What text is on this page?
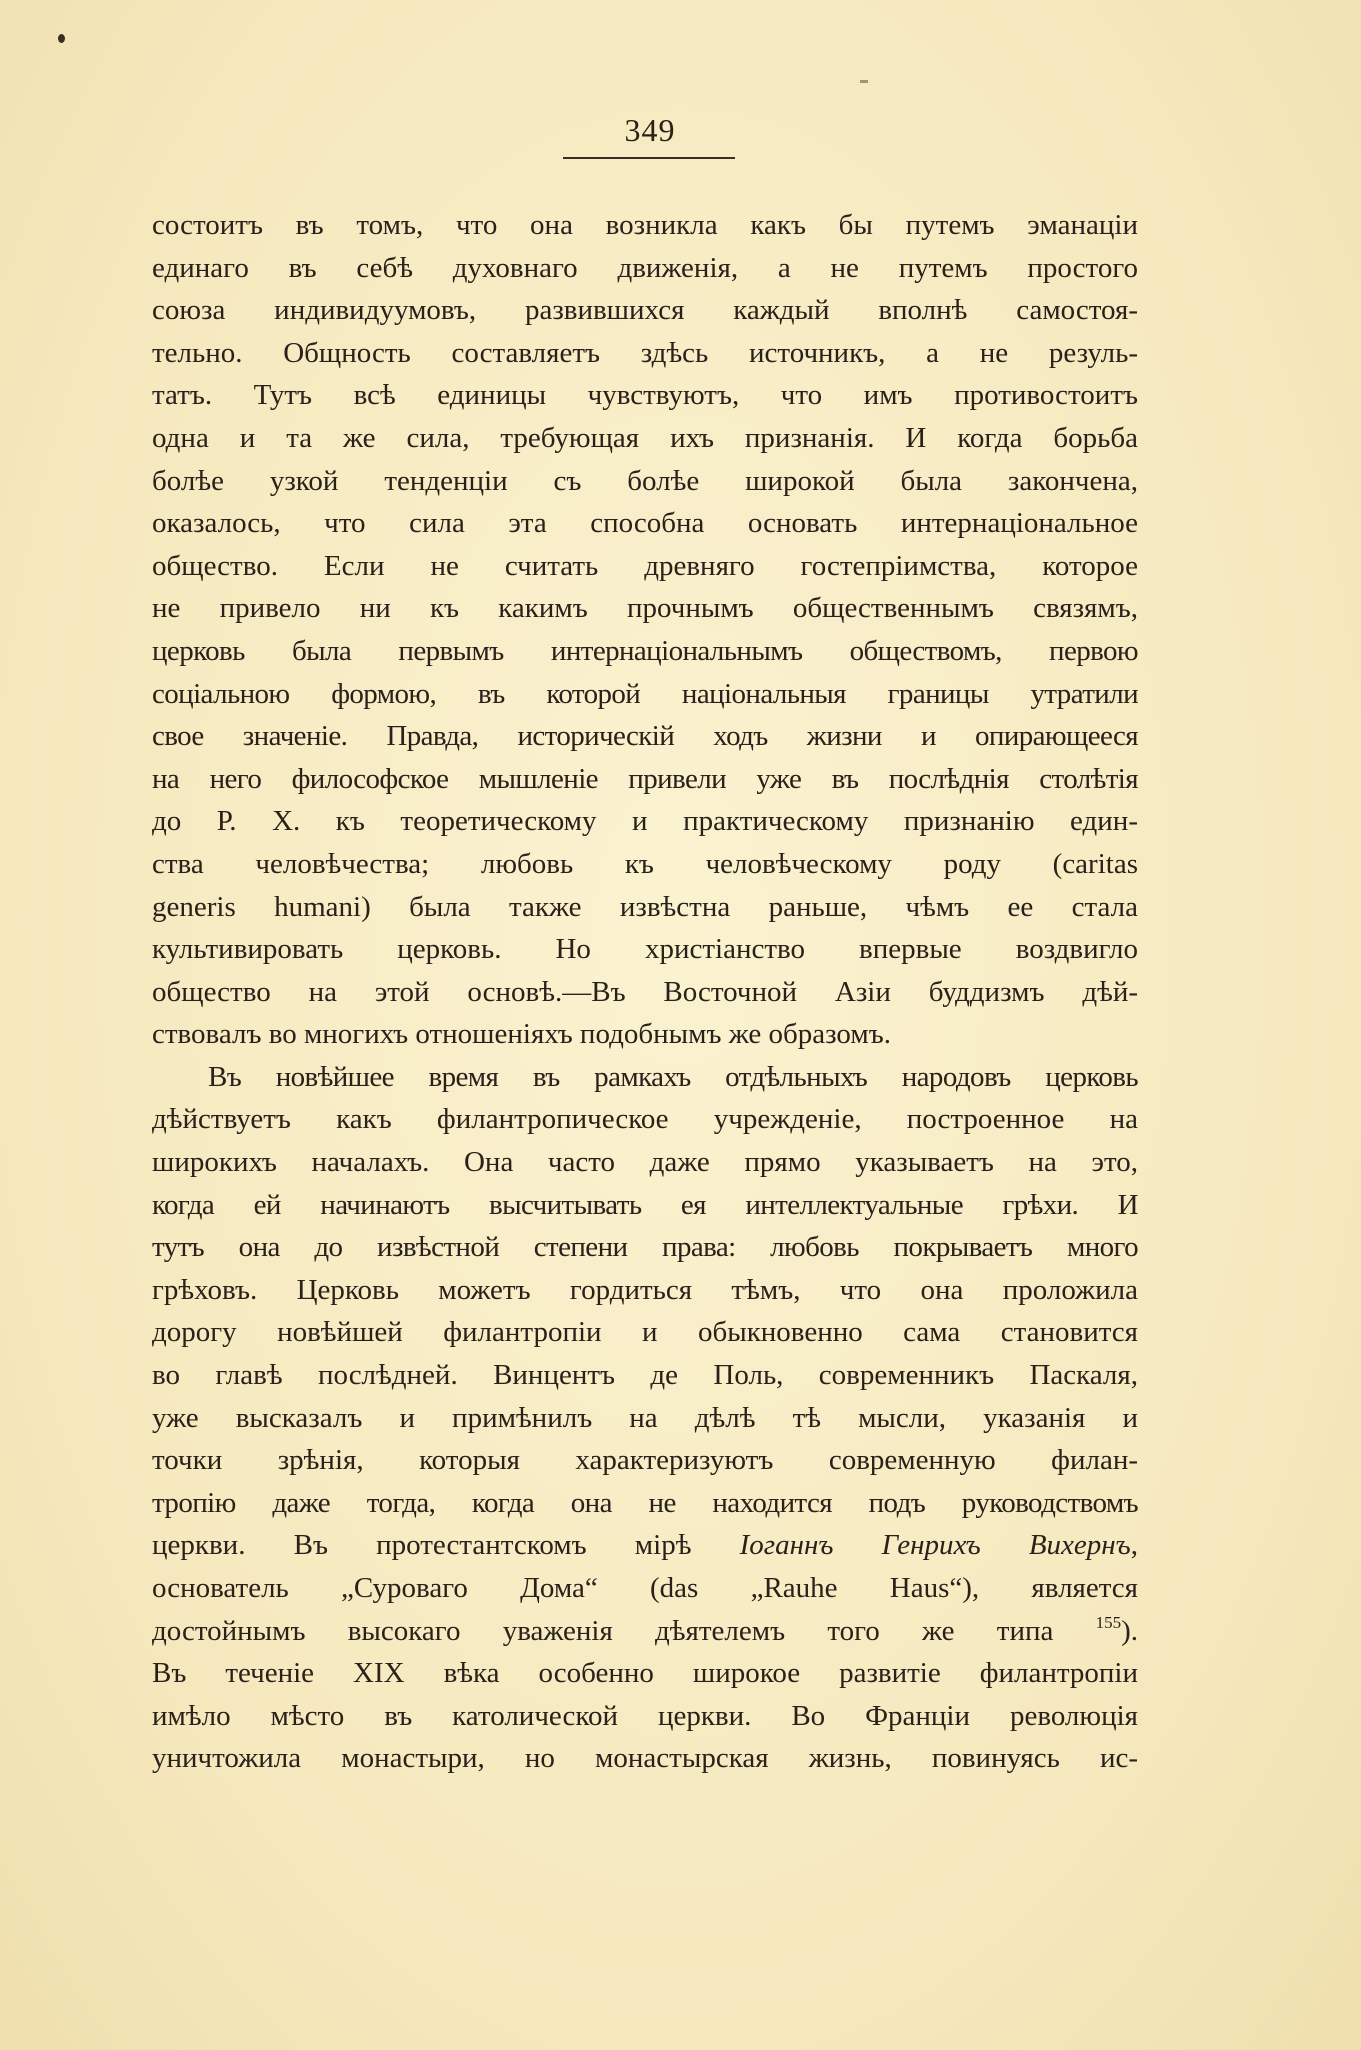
349
состоитъ въ томъ, что она возникла какъ бы путемъ эманаціи
единаго въ себѣ духовнаго движенія, а не путемъ простого
союза индивидуумовъ, развившихся каждый вполнѣ самостоя-
тельно. Общность составляетъ здѣсь источникъ, а не резуль-
татъ. Тутъ всѣ единицы чувствуютъ, что имъ противостоитъ
одна и та же сила, требующая ихъ признанія. И когда борьба
болѣе узкой тенденціи съ болѣе широкой была закончена,
оказалось, что сила эта способна основать интернаціональное
общество. Если не считать древняго гостепріимства, которое
не привело ни къ какимъ прочнымъ общественнымъ связямъ,
церковь была первымъ интернаціональнымъ обществомъ, первою
соціальною формою, въ которой національныя границы утратили
свое значеніе. Правда, историческій ходъ жизни и опирающееся
на него философское мышленіе привели уже въ послѣднія столѣтія
до Р. Х. къ теоретическому и практическому признанію един-
ства человѣчества; любовь къ человѣческому роду (caritas
generis humani) была также извѣстна раньше, чѣмъ ее стала
культивировать церковь. Но христіанство впервые воздвигло
общество на этой основѣ.—Въ Восточной Азіи буддизмъ дѣй-
ствовалъ во многихъ отношеніяхъ подобнымъ же образомъ.
Въ новѣйшее время въ рамкахъ отдѣльныхъ народовъ церковь
дѣйствуетъ какъ филантропическое учрежденіе, построенное на
широкихъ началахъ. Она часто даже прямо указываетъ на это,
когда ей начинаютъ высчитывать ея интеллектуальные грѣхи. И
тутъ она до извѣстной степени права: любовь покрываетъ много
грѣховъ. Церковь можетъ гордиться тѣмъ, что она проложила
дорогу новѣйшей филантропіи и обыкновенно сама становится
во главѣ послѣдней. Винцентъ де Поль, современникъ Паскаля,
уже высказалъ и примѣнилъ на дѣлѣ тѣ мысли, указанія и
точки зрѣнія, которыя характеризуютъ современную филан-
тропію даже тогда, когда она не находится подъ руководствомъ
церкви. Въ протестантскомъ мірѣ Іоганнъ Генрихъ Вихернъ,
основатель „Суроваго Дома“ (das „Rauhe Haus“), является
достойнымъ высокаго уваженія дѣятелемъ того же типа $^{155}$).
Въ теченіе XIX вѣка особенно широкое развитіе филантропіи
имѣло мѣсто въ католической церкви. Во Франціи революція
уничтожила монастыри, но монастырская жизнь, повинуясь ис-
